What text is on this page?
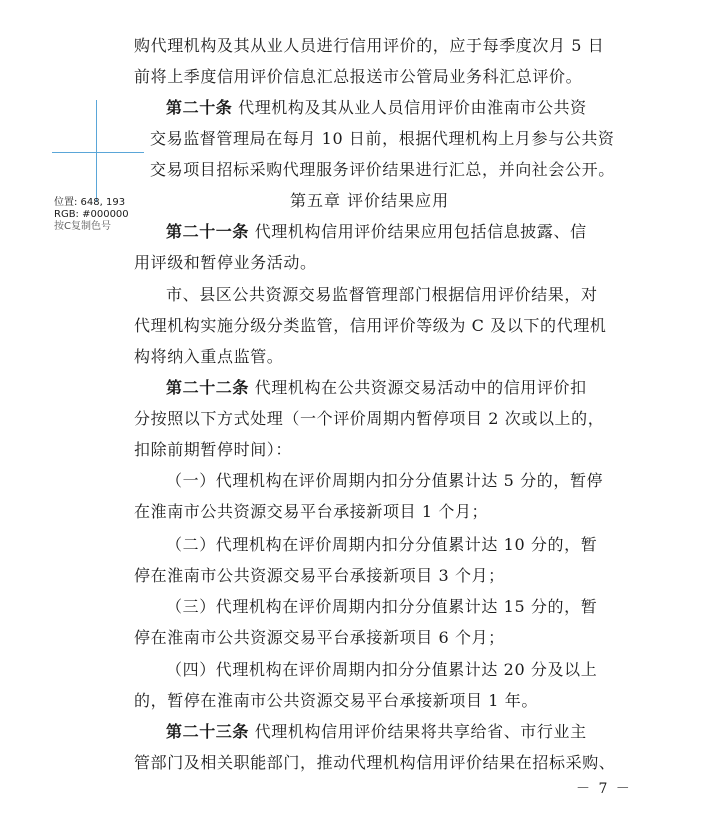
购代理机构及其从业人员进行信用评价的，应于每季度次月 5 日
前将上季度信用评价信息汇总报送市公管局业务科汇总评价。
第二十条 代理机构及其从业人员信用评价由淮南市公共资
交易监督管理局在每月 10 日前，根据代理机构上月参与公共资
交易项目招标采购代理服务评价结果进行汇总，并向社会公开。
第五章 评价结果应用
第二十一条 代理机构信用评价结果应用包括信息披露、信
用评级和暂停业务活动。
市、县区公共资源交易监督管理部门根据信用评价结果，对
代理机构实施分级分类监管，信用评价等级为 C 及以下的代理机
构将纳入重点监管。
第二十二条 代理机构在公共资源交易活动中的信用评价扣
分按照以下方式处理（一个评价周期内暂停项目 2 次或以上的，
扣除前期暂停时间）：
（一）代理机构在评价周期内扣分分值累计达 5 分的，暂停
在淮南市公共资源交易平台承接新项目 1 个月；
（二）代理机构在评价周期内扣分分值累计达 10 分的，暂
停在淮南市公共资源交易平台承接新项目 3 个月；
（三）代理机构在评价周期内扣分分值累计达 15 分的，暂
停在淮南市公共资源交易平台承接新项目 6 个月；
（四）代理机构在评价周期内扣分分值累计达 20 分及以上
的，暂停在淮南市公共资源交易平台承接新项目 1 年。
第二十三条 代理机构信用评价结果将共享给省、市行业主
管部门及相关职能部门，推动代理机构信用评价结果在招标采购、
－ 7 －
位置: 648, 193
RGB: #000000
按C复制色号
